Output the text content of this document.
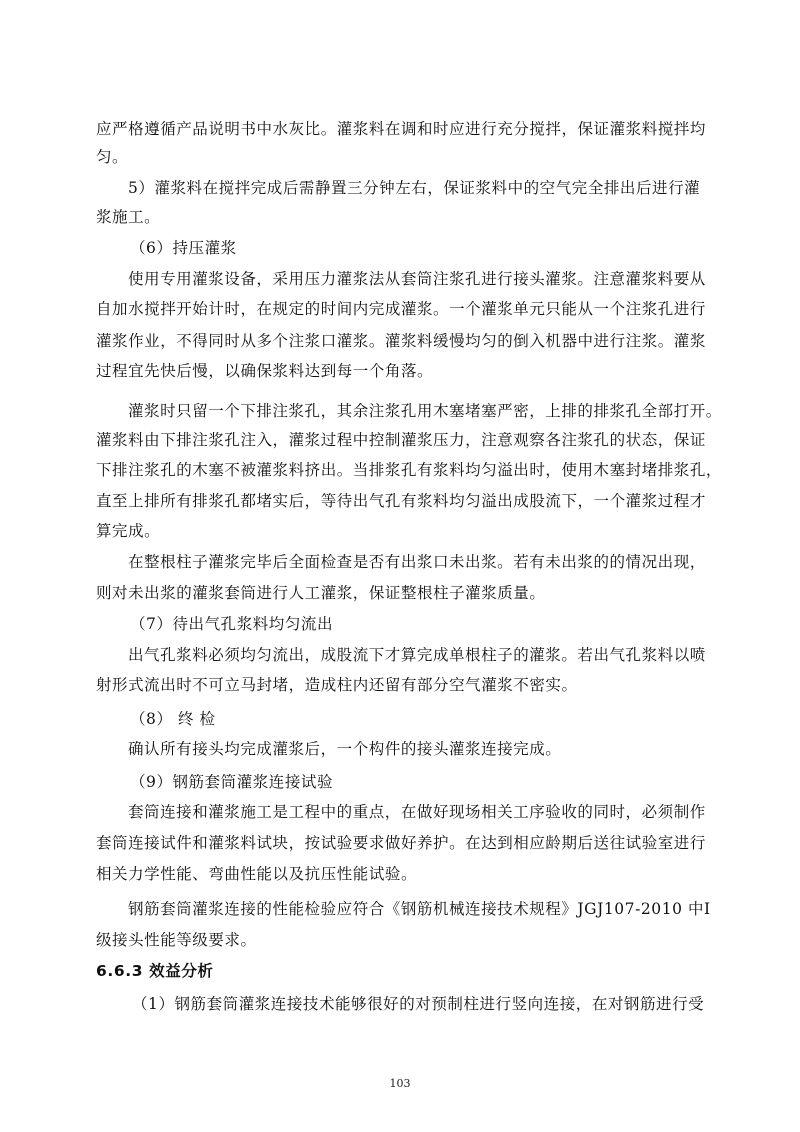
应严格遵循产品说明书中水灰比。灌浆料在调和时应进行充分搅拌，保证灌浆料搅拌均
匀。
5）灌浆料在搅拌完成后需静置三分钟左右，保证浆料中的空气完全排出后进行灌
浆施工。
（6）持压灌浆
使用专用灌浆设备，采用压力灌浆法从套筒注浆孔进行接头灌浆。注意灌浆料要从
自加水搅拌开始计时，在规定的时间内完成灌浆。一个灌浆单元只能从一个注浆孔进行
灌浆作业，不得同时从多个注浆口灌浆。灌浆料缓慢均匀的倒入机器中进行注浆。灌浆
过程宜先快后慢，以确保浆料达到每一个角落。
灌浆时只留一个下排注浆孔，其余注浆孔用木塞堵塞严密，上排的排浆孔全部打开。
灌浆料由下排注浆孔注入，灌浆过程中控制灌浆压力，注意观察各注浆孔的状态，保证
下排注浆孔的木塞不被灌浆料挤出。当排浆孔有浆料均匀溢出时，使用木塞封堵排浆孔，
直至上排所有排浆孔都堵实后，等待出气孔有浆料均匀溢出成股流下，一个灌浆过程才
算完成。
在整根柱子灌浆完毕后全面检查是否有出浆口未出浆。若有未出浆的的情况出现，
则对未出浆的灌浆套筒进行人工灌浆，保证整根柱子灌浆质量。
（7）待出气孔浆料均匀流出
出气孔浆料必须均匀流出，成股流下才算完成单根柱子的灌浆。若出气孔浆料以喷
射形式流出时不可立马封堵，造成柱内还留有部分空气灌浆不密实。
（8） 终 检
确认所有接头均完成灌浆后，一个构件的接头灌浆连接完成。
（9）钢筋套筒灌浆连接试验
套筒连接和灌浆施工是工程中的重点，在做好现场相关工序验收的同时，必须制作
套筒连接试件和灌浆料试块，按试验要求做好养护。在达到相应龄期后送往试验室进行
相关力学性能、弯曲性能以及抗压性能试验。
钢筋套筒灌浆连接的性能检验应符合《钢筋机械连接技术规程》JGJ107-2010 中Ⅰ
级接头性能等级要求。
6.6.3 效益分析
（1）钢筋套筒灌浆连接技术能够很好的对预制柱进行竖向连接，在对钢筋进行受
103
